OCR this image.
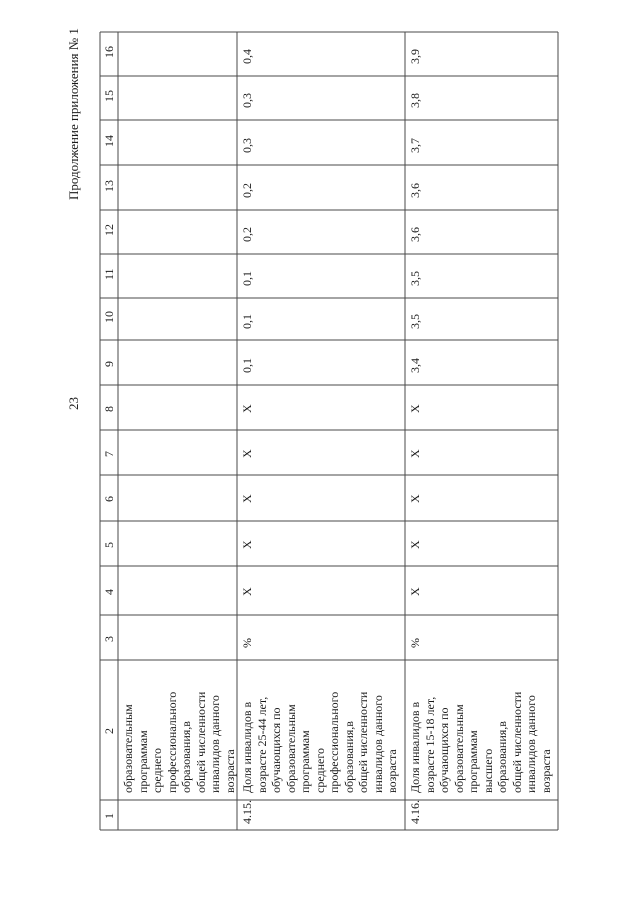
23
Продолжение приложения № 1
1
2
3
4
5
6
7
8
9
10
11
12
13
14
15
16
образовательным программам среднего профессионального образования,в общей численности инвалидов данного возраста
4.15.
Доля инвалидов в возрасте 25-44 лет, обучающихся по образовательным программам среднего профессионального образования,в общей численности инвалидов данного возраста
%
X
X
X
X
X
0,1
0,1
0,1
0,2
0,2
0,3
0,3
0,4
4.16.
Доля инвалидов в возрасте 15-18 лет, обучающихся по образовательным программам высшего образования,в общей численности инвалидов данного возраста
%
X
X
X
X
X
3,4
3,5
3,5
3,6
3,6
3,7
3,8
3,9
